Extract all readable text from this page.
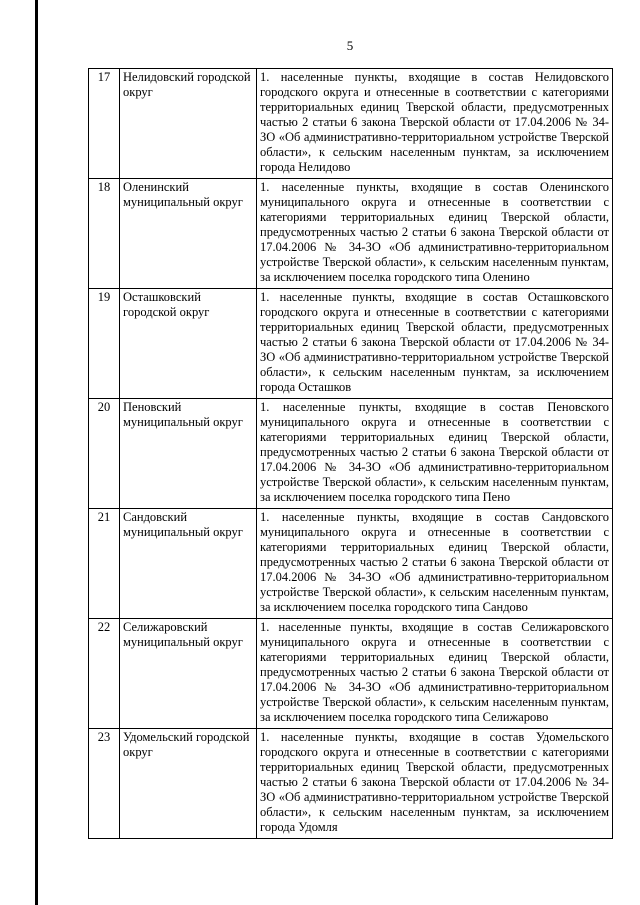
5
17	Нелидовский городской округ	1. населенные пункты, входящие в состав Нелидовского городского округа и отнесенные в соответствии с категориями территориальных единиц Тверской области, предусмотренных частью 2 статьи 6 закона Тверской области от 17.04.2006 № 34-ЗО «Об административно-территориальном устройстве Тверской области», к сельским населенным пунктам, за исключением города Нелидово
18	Оленинский муниципальный округ	1. населенные пункты, входящие в состав Оленинского муниципального округа и отнесенные в соответствии с категориями территориальных единиц Тверской области, предусмотренных частью 2 статьи 6 закона Тверской области от 17.04.2006 № 34-ЗО «Об административно-территориальном устройстве Тверской области», к сельским населенным пунктам, за исключением поселка городского типа Оленино
19	Осташковский городской округ	1. населенные пункты, входящие в состав Осташковского городского округа и отнесенные в соответствии с категориями территориальных единиц Тверской области, предусмотренных частью 2 статьи 6 закона Тверской области от 17.04.2006 № 34-ЗО «Об административно-территориальном устройстве Тверской области», к сельским населенным пунктам, за исключением города Осташков
20	Пеновский муниципальный округ	1. населенные пункты, входящие в состав Пеновского муниципального округа и отнесенные в соответствии с категориями территориальных единиц Тверской области, предусмотренных частью 2 статьи 6 закона Тверской области от 17.04.2006 № 34-ЗО «Об административно-территориальном устройстве Тверской области», к сельским населенным пунктам, за исключением поселка городского типа Пено
21	Сандовский муниципальный округ	1. населенные пункты, входящие в состав Сандовского муниципального округа и отнесенные в соответствии с категориями территориальных единиц Тверской области, предусмотренных частью 2 статьи 6 закона Тверской области от 17.04.2006 № 34-ЗО «Об административно-территориальном устройстве Тверской области», к сельским населенным пунктам, за исключением поселка городского типа Сандово
22	Селижаровский муниципальный округ	1. населенные пункты, входящие в состав Селижаровского муниципального округа и отнесенные в соответствии с категориями территориальных единиц Тверской области, предусмотренных частью 2 статьи 6 закона Тверской области от 17.04.2006 № 34-ЗО «Об административно-территориальном устройстве Тверской области», к сельским населенным пунктам, за исключением поселка городского типа Селижарово
23	Удомельский городской округ	1. населенные пункты, входящие в состав Удомельского городского округа и отнесенные в соответствии с категориями территориальных единиц Тверской области, предусмотренных частью 2 статьи 6 закона Тверской области от 17.04.2006 № 34-ЗО «Об административно-территориальном устройстве Тверской области», к сельским населенным пунктам, за исключением города Удомля
